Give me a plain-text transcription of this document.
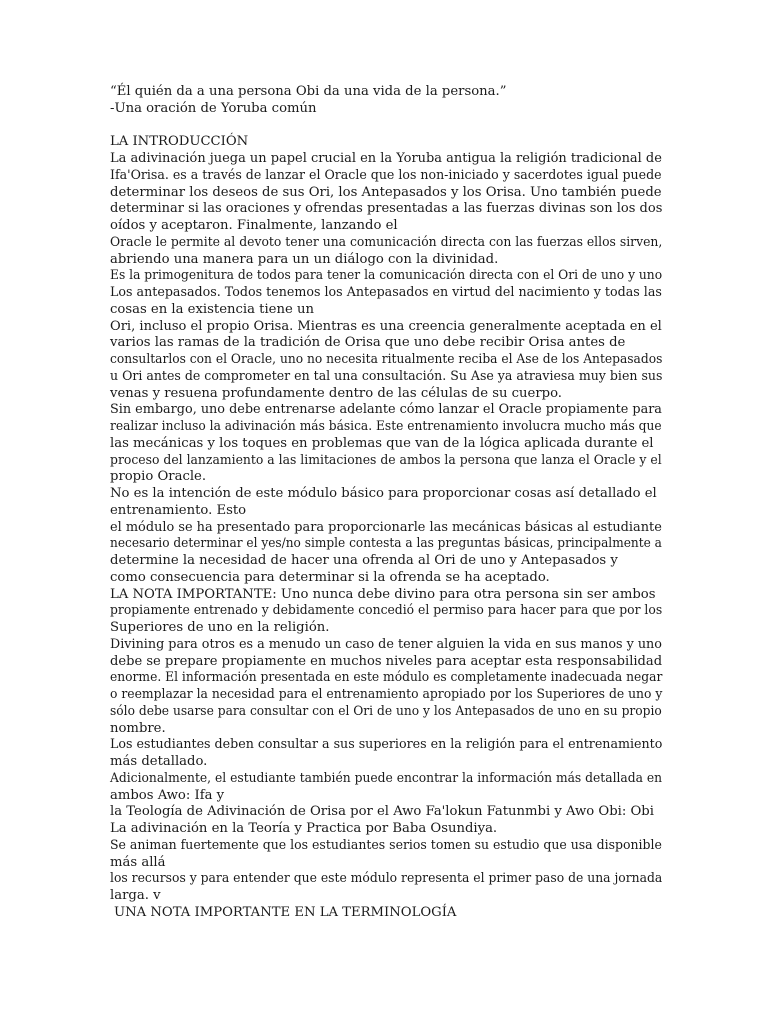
“Él quién da a una persona Obi da una vida de la persona.”
-Una oración de Yoruba común
LA INTRODUCCIÓN
La adivinación juega un papel crucial en la Yoruba antigua la religión tradicional de
Ifa'Orisa. es a través de lanzar el Oracle que los non-iniciado y sacerdotes igual puede
determinar los deseos de sus Ori, los Antepasados y los Orisa. Uno también puede
determinar si las oraciones y ofrendas presentadas a las fuerzas divinas son los dos
oídos y aceptaron. Finalmente, lanzando el
Oracle le permite al devoto tener una comunicación directa con las fuerzas ellos sirven,
abriendo una manera para un un diálogo con la divinidad.
Es la primogenitura de todos para tener la comunicación directa con el Ori de uno y uno
Los antepasados. Todos tenemos los Antepasados en virtud del nacimiento y todas las
cosas en la existencia tiene un
Ori, incluso el propio Orisa. Mientras es una creencia generalmente aceptada en el
varios las ramas de la tradición de Orisa que uno debe recibir Orisa antes de
consultarlos con el Oracle, uno no necesita ritualmente reciba el Ase de los Antepasados
u Ori antes de comprometer en tal una consultación. Su Ase ya atraviesa muy bien sus
venas y resuena profundamente dentro de las células de su cuerpo.
Sin embargo, uno debe entrenarse adelante cómo lanzar el Oracle propiamente para
realizar incluso la adivinación más básica. Este entrenamiento involucra mucho más que
las mecánicas y los toques en problemas que van de la lógica aplicada durante el
proceso del lanzamiento a las limitaciones de ambos la persona que lanza el Oracle y el
propio Oracle.
No es la intención de este módulo básico para proporcionar cosas así detallado el
entrenamiento. Esto
el módulo se ha presentado para proporcionarle las mecánicas básicas al estudiante
necesario determinar el yes/no simple contesta a las preguntas básicas, principalmente a
determine la necesidad de hacer una ofrenda al Ori de uno y Antepasados y
como consecuencia para determinar si la ofrenda se ha aceptado.
LA NOTA IMPORTANTE: Uno nunca debe divino para otra persona sin ser ambos
propiamente entrenado y debidamente concedió el permiso para hacer para que por los
Superiores de uno en la religión.
Divining para otros es a menudo un caso de tener alguien la vida en sus manos y uno
debe se prepare propiamente en muchos niveles para aceptar esta responsabilidad
enorme. El información presentada en este módulo es completamente inadecuada negar
o reemplazar la necesidad para el entrenamiento apropiado por los Superiores de uno y
sólo debe usarse para consultar con el Ori de uno y los Antepasados de uno en su propio
nombre.
Los estudiantes deben consultar a sus superiores en la religión para el entrenamiento
más detallado.
Adicionalmente, el estudiante también puede encontrar la información más detallada en
ambos Awo: Ifa y
la Teología de Adivinación de Orisa por el Awo Fa'lokun Fatunmbi y Awo Obi: Obi
La adivinación en la Teoría y Practica por Baba Osundiya.
Se animan fuertemente que los estudiantes serios tomen su estudio que usa disponible
más allá
los recursos y para entender que este módulo representa el primer paso de una jornada
larga. v
UNA NOTA IMPORTANTE EN LA TERMINOLOGÍA
